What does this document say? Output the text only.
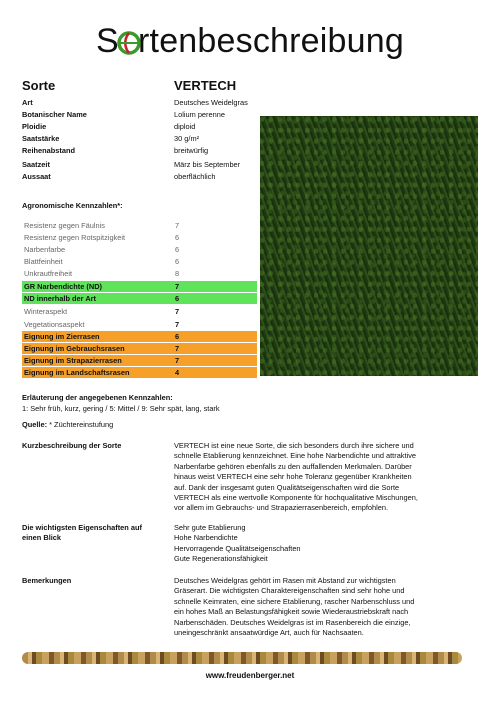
S rtenbeschreibung
Sorte	VERTECH
Art	Deutsches Weidelgras
Botanischer Name	Lolium perenne
Ploidie	diploid
Saatstärke	30 g/m²
Reihenabstand	breitwürfig
Saatzeit	März bis September
Aussaat	oberflächlich
Agronomische Kennzahlen*:
Resistenz gegen Fäulnis	7
Resistenz gegen Rotspitzigkeit	6
Narbenfarbe	6
Blattfeinheit	6
Unkrautfreiheit	8
GR Narbendichte (ND)	7
ND innerhalb der Art	6
Winteraspekt	7
Vegetationsaspekt	7
Eignung im Zierrasen	6
Eignung im Gebrauchsrasen	7
Eignung im Strapazierrasen	7
Eignung im Landschaftsrasen	4
Erläuterung der angegebenen Kennzahlen:
1: Sehr früh, kurz, gering / 5: Mittel / 9: Sehr spät, lang, stark
Quelle: * Züchtereinstufung
Kurzbeschreibung der Sorte	VERTECH ist eine neue Sorte, die sich besonders durch ihre sichere und
schnelle Etablierung kennzeichnet. Eine hohe Narbendichte und attraktive
Narbenfarbe gehören ebenfalls zu den auffallenden Merkmalen. Darüber
hinaus weist VERTECH eine sehr hohe Toleranz gegenüber Krankheiten
auf. Dank der insgesamt guten Qualitätseigenschaften wird die Sorte
VERTECH als eine wertvolle Komponente für hochqualitative Mischungen,
vor allem im Gebrauchs- und Strapazierrasenbereich, empfohlen.
Die wichtigsten Eigenschaften auf
einen Blick
Sehr gute Etablierung
Hohe Narbendichte
Hervorragende Qualitätseigenschaften
Gute Regenerationsfähigkeit
Bemerkungen	Deutsches Weidelgras gehört im Rasen mit Abstand zur wichtigsten
Gräserart. Die wichtigsten Charaktereigenschaften sind sehr hohe und
schnelle Keimraten, eine sichere Etablierung, rascher Narbenschluss und
ein hohes Maß an Belastungsfähigkeit sowie Wiederaustriebskraft nach
Narbenschäden. Deutsches Weidelgras ist im Rasenbereich die einzige,
uneingeschränkt ansaatwürdige Art, auch für Nachsaaten.
www.freudenberger.net
